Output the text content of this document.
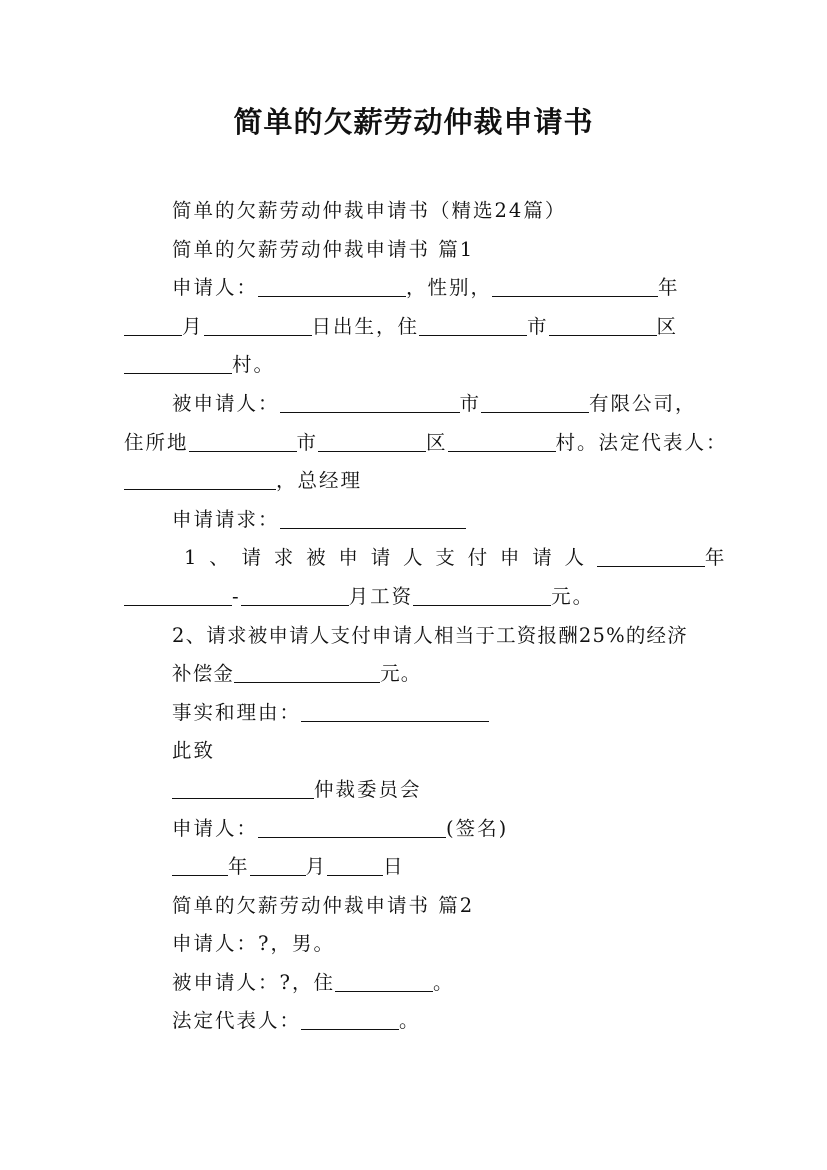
简单的欠薪劳动仲裁申请书

简单的欠薪劳动仲裁申请书（精选24篇）

简单的欠薪劳动仲裁申请书 篇1

申请人：	，性别，	年

月	日出生，住	市	区

村。

被申请人：	市	有限公司，

住所地	市	区	村。法定代表人：

，总经理

申请请求：

1、请求被申请人支付申请人	年

-	月工资	元。

2、请求被申请人支付申请人相当于工资报酬25%的经济补偿金	元。

事实和理由：

此致

仲裁委员会

申请人：	(签名)

年	月	日

简单的欠薪劳动仲裁申请书 篇2

申请人：?，男。

被申请人：?，住	。

法定代表人：	。
